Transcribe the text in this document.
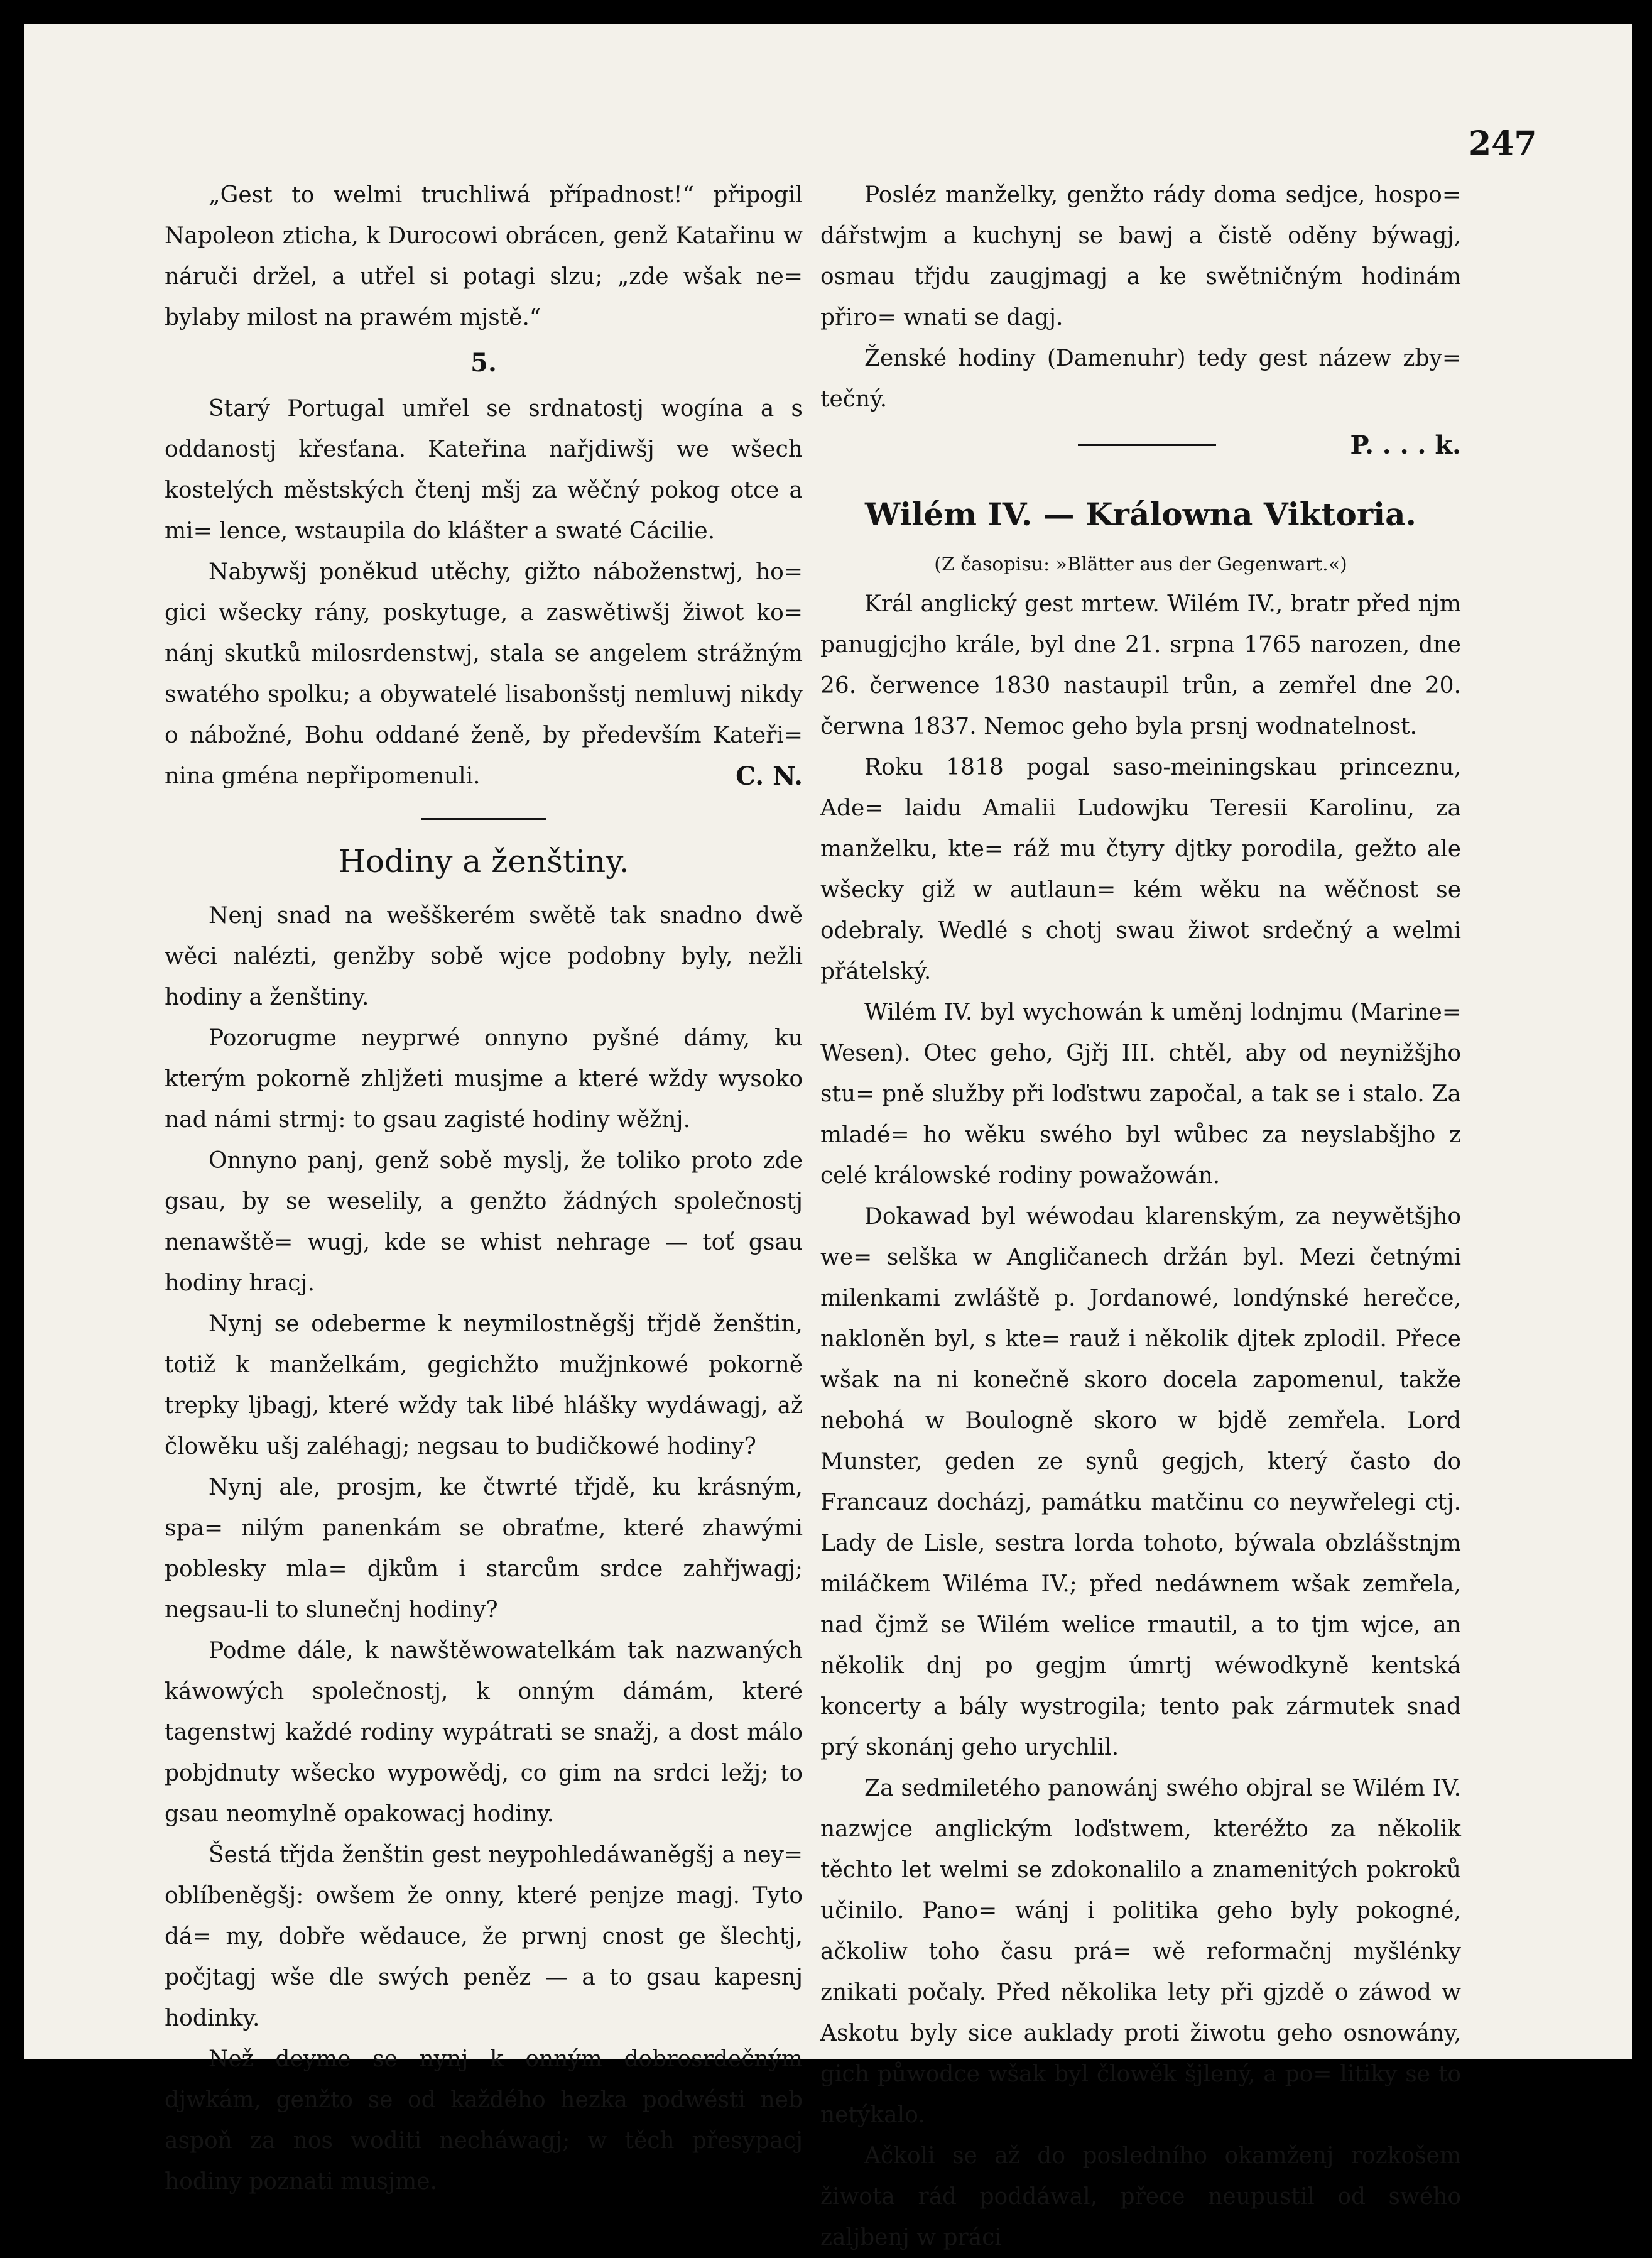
247

„Gest to welmi truchliwá případnost!“ připogil Napoleon zticha, k Durocowi obrácen, genž Katařinu w náruči držel, a utřel si potagi slzu; „zde wšak ne= bylaby milost na prawém mjstě.“

5.

Starý Portugal umřel se srdnatostj wogína a s oddanostj křesťana. Kateřina nařjdiwšj we wšech kostelých městských čtenj mšj za wěčný pokog otce a mi= lence, wstaupila do klášter a swaté Cácilie.

Nabywšj poněkud utěchy, gižto náboženstwj, ho= gici wšecky rány, poskytuge, a zaswětiwšj žiwot ko= nánj skutků milosrdenstwj, stala se angelem strážným swatého spolku; a obywatelé lisabonšstj nemluwj nikdy o nábožné, Bohu oddané ženě, by především Kateři= nina gména nepřipomenuli.	C. N.

Hodiny a ženštiny.

Nenj snad na wešškerém swětě tak snadno dwě wěci nalézti, genžby sobě wjce podobny byly, nežli hodiny a ženštiny.

Pozorugme neyprwé onnyno pyšné dámy, ku kterým pokorně zhljžeti musjme a které wždy wysoko nad námi strmj: to gsau zagisté hodiny wěžnj.

Onnyno panj, genž sobě myslj, že toliko proto zde gsau, by se weselily, a genžto žádných společnostj nenawště= wugj, kde se whist nehrage — toť gsau hodiny hracj.

Nynj se odeberme k neymilostněgšj třjdě ženštin, totiž k manželkám, gegichžto mužjnkowé pokorně trepky ljbagj, které wždy tak libé hlášky wydáwagj, až člowěku ušj zaléhagj; negsau to budičkowé hodiny?

Nynj ale, prosjm, ke čtwrté třjdě, ku krásným, spa= nilým panenkám se obraťme, které zhawými poblesky mla= djkům i starcům srdce zahřjwagj; negsau-li to slunečnj hodiny?

Podme dále, k nawštěwowatelkám tak nazwaných káwowých společnostj, k onným dámám, které tagenstwj každé rodiny wypátrati se snažj, a dost málo pobjdnuty wšecko wypowědj, co gim na srdci ležj; to gsau neomylně opakowacj hodiny.

Šestá třjda ženštin gest neypohledáwaněgšj a ney= oblíbeněgšj: owšem že onny, které penjze magj. Tyto dá= my, dobře wědauce, že prwnj cnost ge šlechtj, počjtagj wše dle swých peněz — a to gsau kapesnj hodinky.

Než deyme se nynj k onným dobrosrdečným djwkám, genžto se od každého hezka podwésti neb aspoň za nos woditi necháwagj; w těch přesypacj hodiny poznati musjme.

Posléz manželky, genžto rády doma sedjce, hospo= dářstwjm a kuchynj se bawj a čistě oděny býwagj, osmau třjdu zaugjmagj a ke swětničným hodinám přiro= wnati se dagj.

Ženské hodiny (Damenuhr) tedy gest názew zby= tečný.

P. . . . k.
Wilém IV. — Králowna Viktoria.
(Z časopisu: »Blätter aus der Gegenwart.«)

Král anglický gest mrtew. Wilém IV., bratr před njm panugjcjho krále, byl dne 21. srpna 1765 narozen, dne 26. čerwence 1830 nastaupil trůn, a zemřel dne 20. čerwna 1837. Nemoc geho byla prsnj wodnatelnost.

Roku 1818 pogal saso-meiningskau princeznu, Ade= laidu Amalii Ludowjku Teresii Karolinu, za manželku, kte= ráž mu čtyry djtky porodila, gežto ale wšecky giž w autlaun= kém wěku na wěčnost se odebraly. Wedlé s chotj swau žiwot srdečný a welmi přátelský.

Wilém IV. byl wychowán k uměnj lodnjmu (Marine= Wesen). Otec geho, Gjřj III. chtěl, aby od neynižšjho stu= pně služby při loďstwu započal, a tak se i stalo. Za mladé= ho wěku swého byl wůbec za neyslabšjho z celé králowské rodiny powažowán.

Dokawad byl wéwodau klarenským, za neywětšjho we= selška w Angličanech držán byl. Mezi četnými milenkami zwláště p. Jordanowé, londýnské herečce, nakloněn byl, s kte= rauž i několik djtek zplodil. Přece wšak na ni konečně skoro docela zapomenul, takže nebohá w Boulogně skoro w bjdě zemřela. Lord Munster, geden ze synů gegjch, který často do Francauz docházj, památku matčinu co neywřelegi ctj. Lady de Lisle, sestra lorda tohoto, býwala obzlášstnjm miláčkem Wiléma IV.; před nedáwnem wšak zemřela, nad čjmž se Wilém welice rmautil, a to tjm wjce, an několik dnj po gegjm úmrtj wéwodkyně kentská koncerty a bály wystrogila; tento pak zármutek snad prý skonánj geho urychlil.

Za sedmiletého panowánj swého objral se Wilém IV. nazwjce anglickým loďstwem, kteréžto za několik těchto let welmi se zdokonalilo a znamenitých pokroků učinilo. Pano= wánj i politika geho byly pokogné, ačkoliw toho času prá= wě reformačnj myšlénky znikati počaly. Před několika lety při gjzdě o záwod w Askotu byly sice auklady proti žiwotu geho osnowány, gich půwodce wšak byl člowěk šjlený, a po= litiky se to netýkalo.

Ačkoli se až do posledního okamženj rozkošem žiwota rád poddáwal, přece neupustil od swého zaljbenj w práci
